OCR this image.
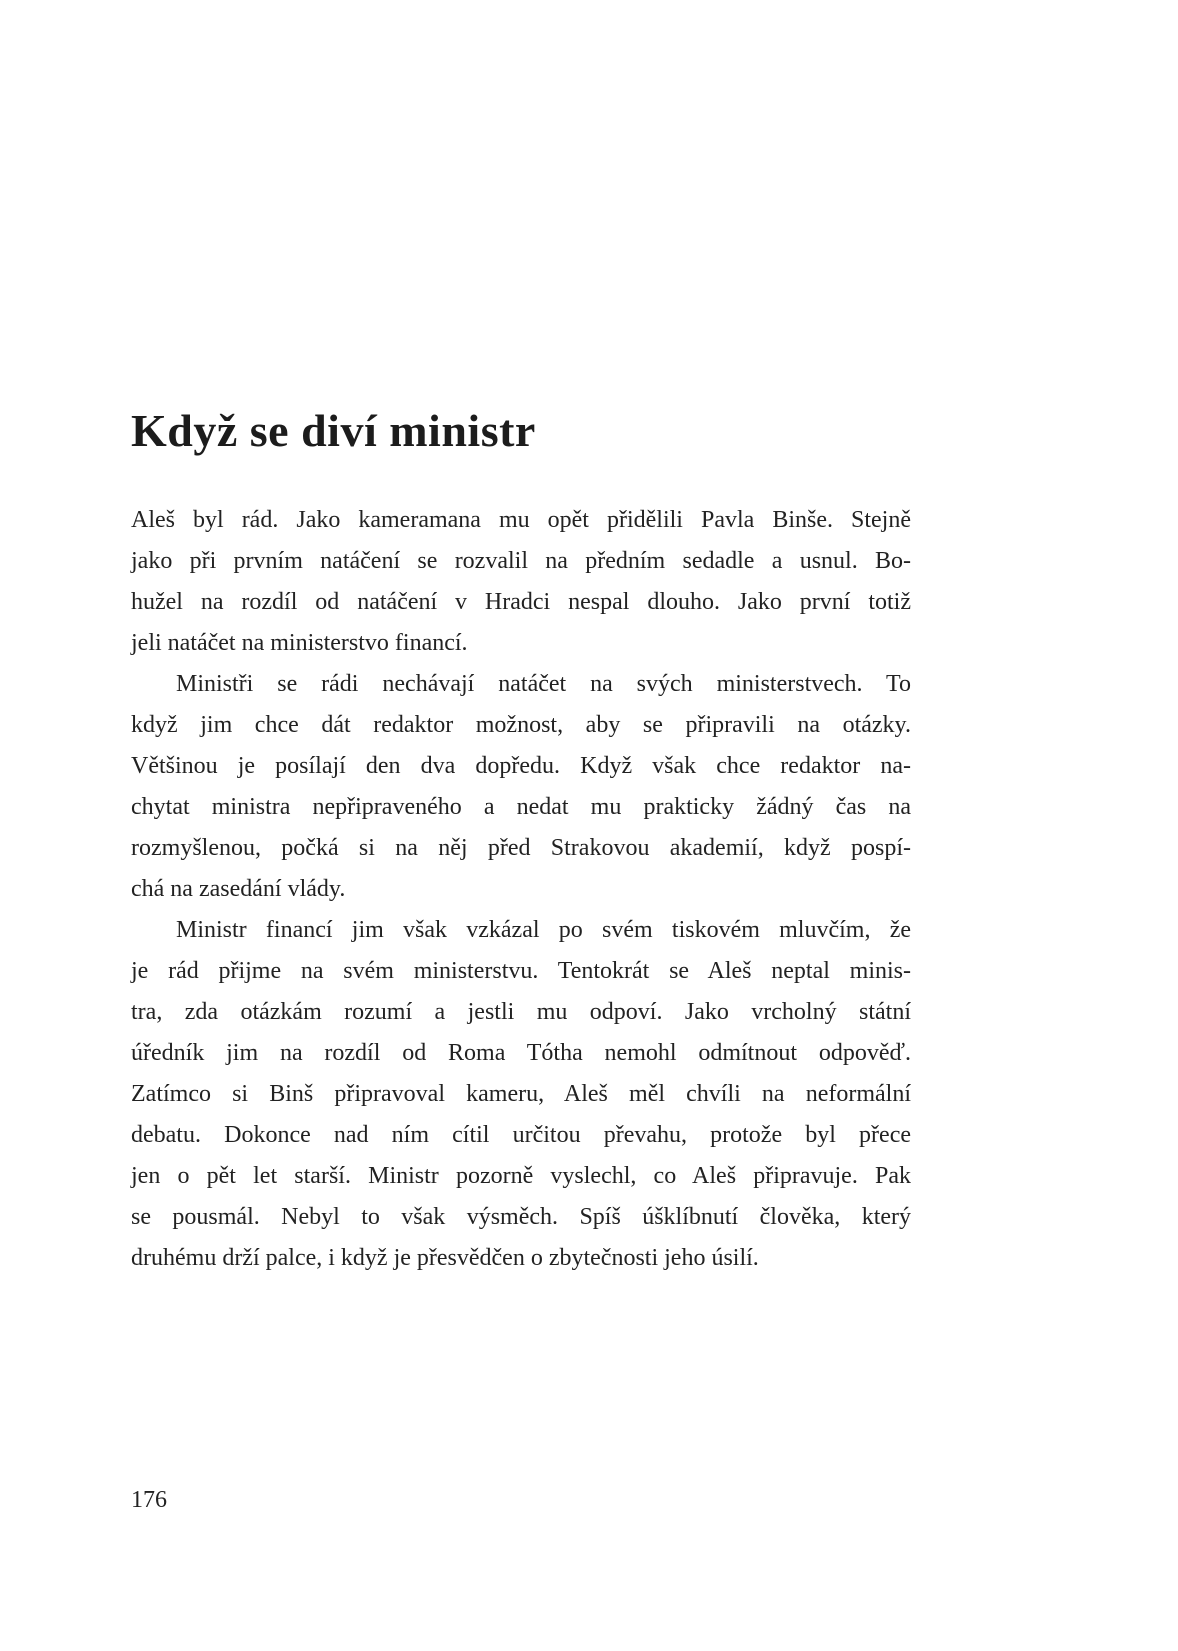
Když se diví ministr
Aleš byl rád. Jako kameramana mu opět přidělili Pavla Binše. Stejně
jako při prvním natáčení se rozvalil na předním sedadle a usnul. Bo-
hužel na rozdíl od natáčení v Hradci nespal dlouho. Jako první totiž
jeli natáčet na ministerstvo financí.
Ministři se rádi nechávají natáčet na svých ministerstvech. To
když jim chce dát redaktor možnost, aby se připravili na otázky.
Většinou je posílají den dva dopředu. Když však chce redaktor na-
chytat ministra nepřipraveného a nedat mu prakticky žádný čas na
rozmyšlenou, počká si na něj před Strakovou akademií, když pospí-
chá na zasedání vlády.
Ministr financí jim však vzkázal po svém tiskovém mluvčím, že
je rád přijme na svém ministerstvu. Tentokrát se Aleš neptal minis-
tra, zda otázkám rozumí a jestli mu odpoví. Jako vrcholný státní
úředník jim na rozdíl od Roma Tótha nemohl odmítnout odpověď.
Zatímco si Binš připravoval kameru, Aleš měl chvíli na neformální
debatu. Dokonce nad ním cítil určitou převahu, protože byl přece
jen o pět let starší. Ministr pozorně vyslechl, co Aleš připravuje. Pak
se pousmál. Nebyl to však výsměch. Spíš úšklíbnutí člověka, který
druhému drží palce, i když je přesvědčen o zbytečnosti jeho úsilí.
176
